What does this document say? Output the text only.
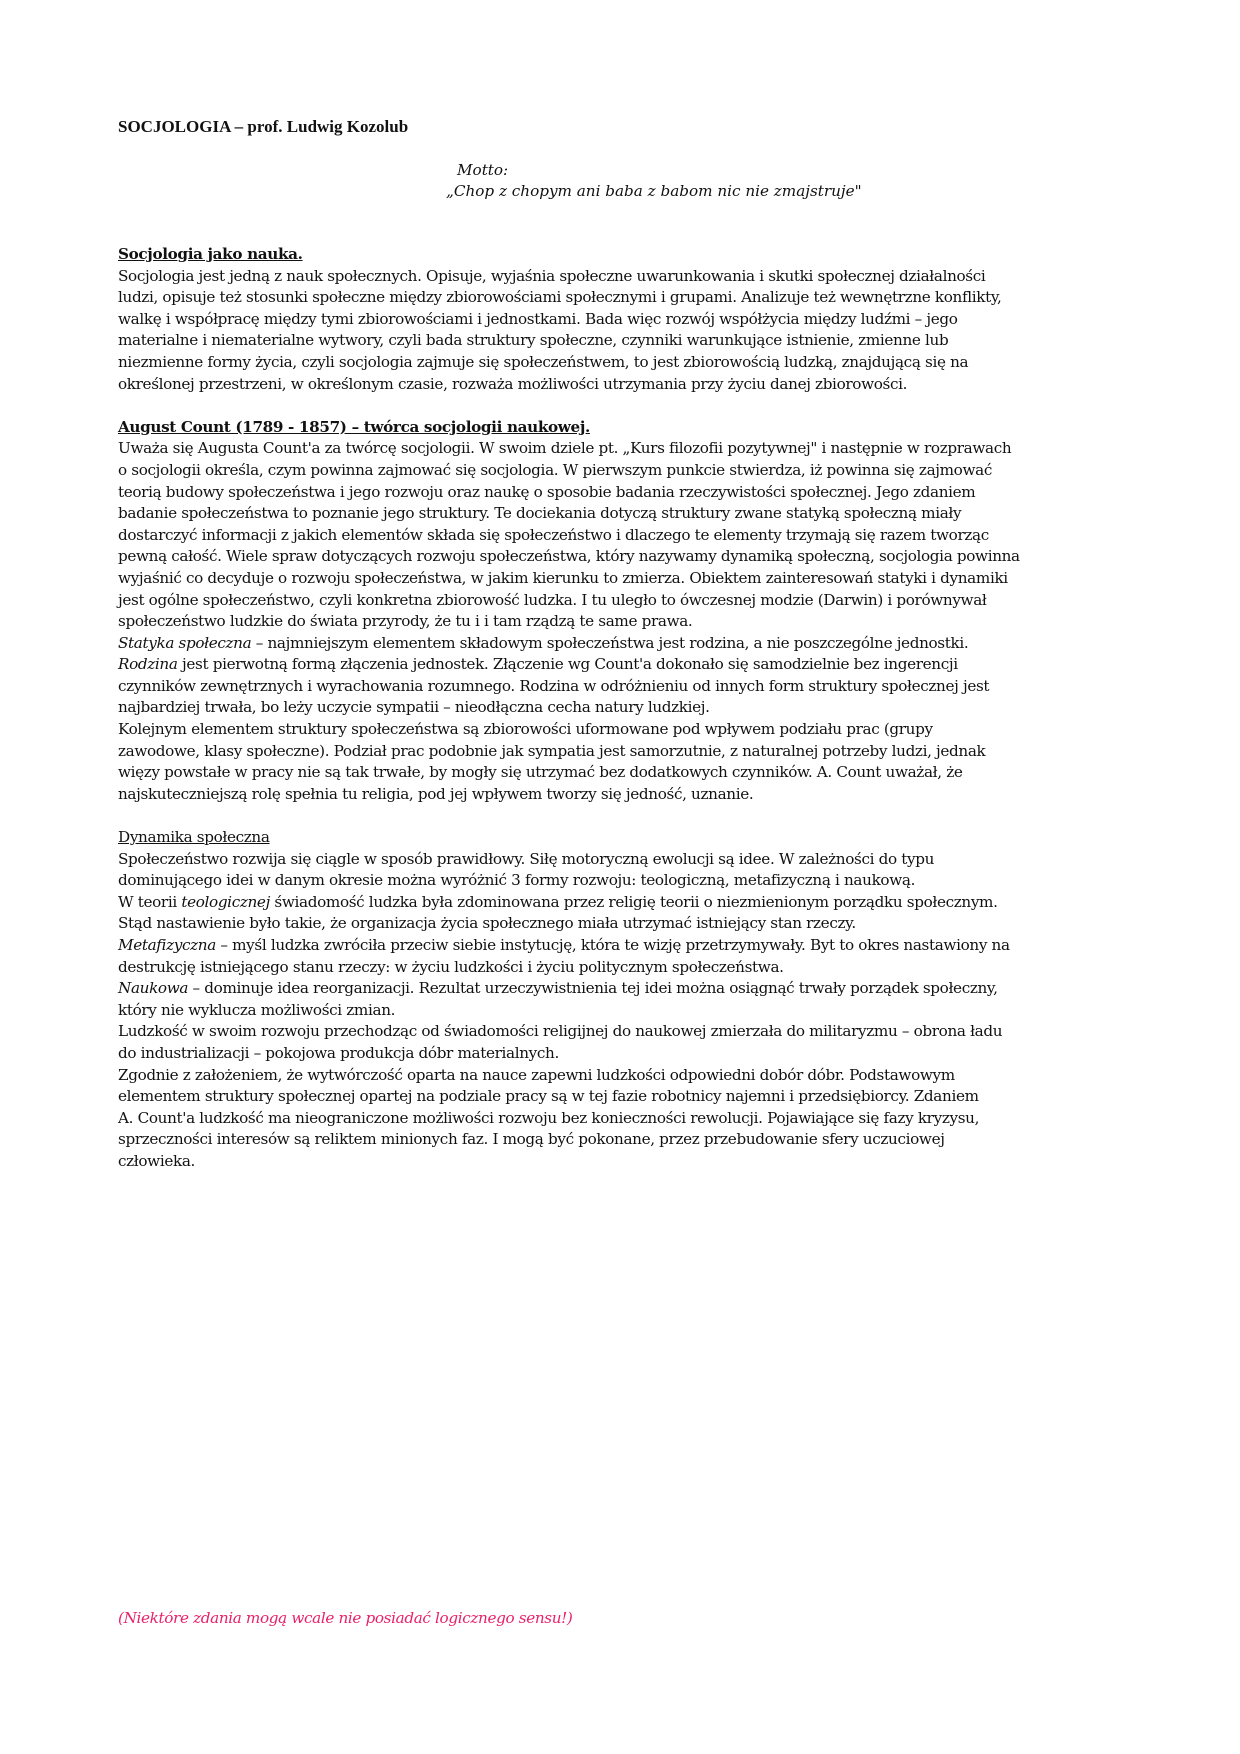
SOCJOLOGIA – prof. Ludwig Kozolub
Motto:
„Chop z chopym ani baba z babom nic nie zmajstruje"
Socjologia jako nauka.
Socjologia jest jedną z nauk społecznych. Opisuje, wyjaśnia społeczne uwarunkowania i skutki społecznej działalności
ludzi, opisuje też stosunki społeczne między zbiorowościami społecznymi i grupami. Analizuje też wewnętrzne konflikty,
walkę i współpracę między tymi zbiorowościami i jednostkami. Bada więc rozwój współżycia między ludźmi – jego
materialne i niematerialne wytwory, czyli bada struktury społeczne, czynniki warunkujące istnienie, zmienne lub
niezmienne formy życia, czyli socjologia zajmuje się społeczeństwem, to jest zbiorowością ludzką, znajdującą się na
określonej przestrzeni, w określonym czasie, rozważa możliwości utrzymania przy życiu danej zbiorowości.
August Count (1789 - 1857) – twórca socjologii naukowej.
Uważa się Augusta Count'a za twórcę socjologii. W swoim dziele pt. „Kurs filozofii pozytywnej" i następnie w rozprawach
o socjologii określa, czym powinna zajmować się socjologia. W pierwszym punkcie stwierdza, iż powinna się zajmować
teorią budowy społeczeństwa i jego rozwoju oraz naukę o sposobie badania rzeczywistości społecznej. Jego zdaniem
badanie społeczeństwa to poznanie jego struktury. Te dociekania dotyczą struktury zwane statyką społeczną miały
dostarczyć informacji z jakich elementów składa się społeczeństwo i dlaczego te elementy trzymają się razem tworząc
pewną całość. Wiele spraw dotyczących rozwoju społeczeństwa, który nazywamy dynamiką społeczną, socjologia powinna
wyjaśnić co decyduje o rozwoju społeczeństwa, w jakim kierunku to zmierza. Obiektem zainteresowań statyki i dynamiki
jest ogólne społeczeństwo, czyli konkretna zbiorowość ludzka. I tu uległo to ówczesnej modzie (Darwin) i porównywał
społeczeństwo ludzkie do świata przyrody, że tu i i tam rządzą te same prawa.
Statyka społeczna – najmniejszym elementem składowym społeczeństwa jest rodzina, a nie poszczególne jednostki.
Rodzina jest pierwotną formą złączenia jednostek. Złączenie wg Count'a dokonało się samodzielnie bez ingerencji
czynników zewnętrznych i wyrachowania rozumnego. Rodzina w odróżnieniu od innych form struktury społecznej jest
najbardziej trwała, bo leży uczycie sympatii – nieodłączna cecha natury ludzkiej.
Kolejnym elementem struktury społeczeństwa są zbiorowości uformowane pod wpływem podziału prac (grupy
zawodowe, klasy społeczne). Podział prac podobnie jak sympatia jest samorzutnie, z naturalnej potrzeby ludzi, jednak
więzy powstałe w pracy nie są tak trwałe, by mogły się utrzymać bez dodatkowych czynników. A. Count uważał, że
najskuteczniejszą rolę spełnia tu religia, pod jej wpływem tworzy się jedność, uznanie.
Dynamika społeczna
Społeczeństwo rozwija się ciągle w sposób prawidłowy. Siłę motoryczną ewolucji są idee. W zależności do typu
dominującego idei w danym okresie można wyróżnić 3 formy rozwoju: teologiczną, metafizyczną i naukową.
W teorii teologicznej świadomość ludzka była zdominowana przez religię teorii o niezmienionym porządku społecznym.
Stąd nastawienie było takie, że organizacja życia społecznego miała utrzymać istniejący stan rzeczy.
Metafizyczna – myśl ludzka zwróciła przeciw siebie instytucję, która te wizję przetrzymywały. Byt to okres nastawiony na
destrukcję istniejącego stanu rzeczy: w życiu ludzkości i życiu politycznym społeczeństwa.
Naukowa – dominuje idea reorganizacji. Rezultat urzeczywistnienia tej idei można osiągnąć trwały porządek społeczny,
który nie wyklucza możliwości zmian.
Ludzkość w swoim rozwoju przechodząc od świadomości religijnej do naukowej zmierzała do militaryzmu – obrona ładu
do industrializacji – pokojowa produkcja dóbr materialnych.
Zgodnie z założeniem, że wytwórczość oparta na nauce zapewni ludzkości odpowiedni dobór dóbr. Podstawowym
elementem struktury społecznej opartej na podziale pracy są w tej fazie robotnicy najemni i przedsiębiorcy. Zdaniem
A. Count'a ludzkość ma nieograniczone możliwości rozwoju bez konieczności rewolucji. Pojawiające się fazy kryzysu,
sprzeczności interesów są reliktem minionych faz. I mogą być pokonane, przez przebudowanie sfery uczuciowej
człowieka.
(Niektóre zdania mogą wcale nie posiadać logicznego sensu!)
